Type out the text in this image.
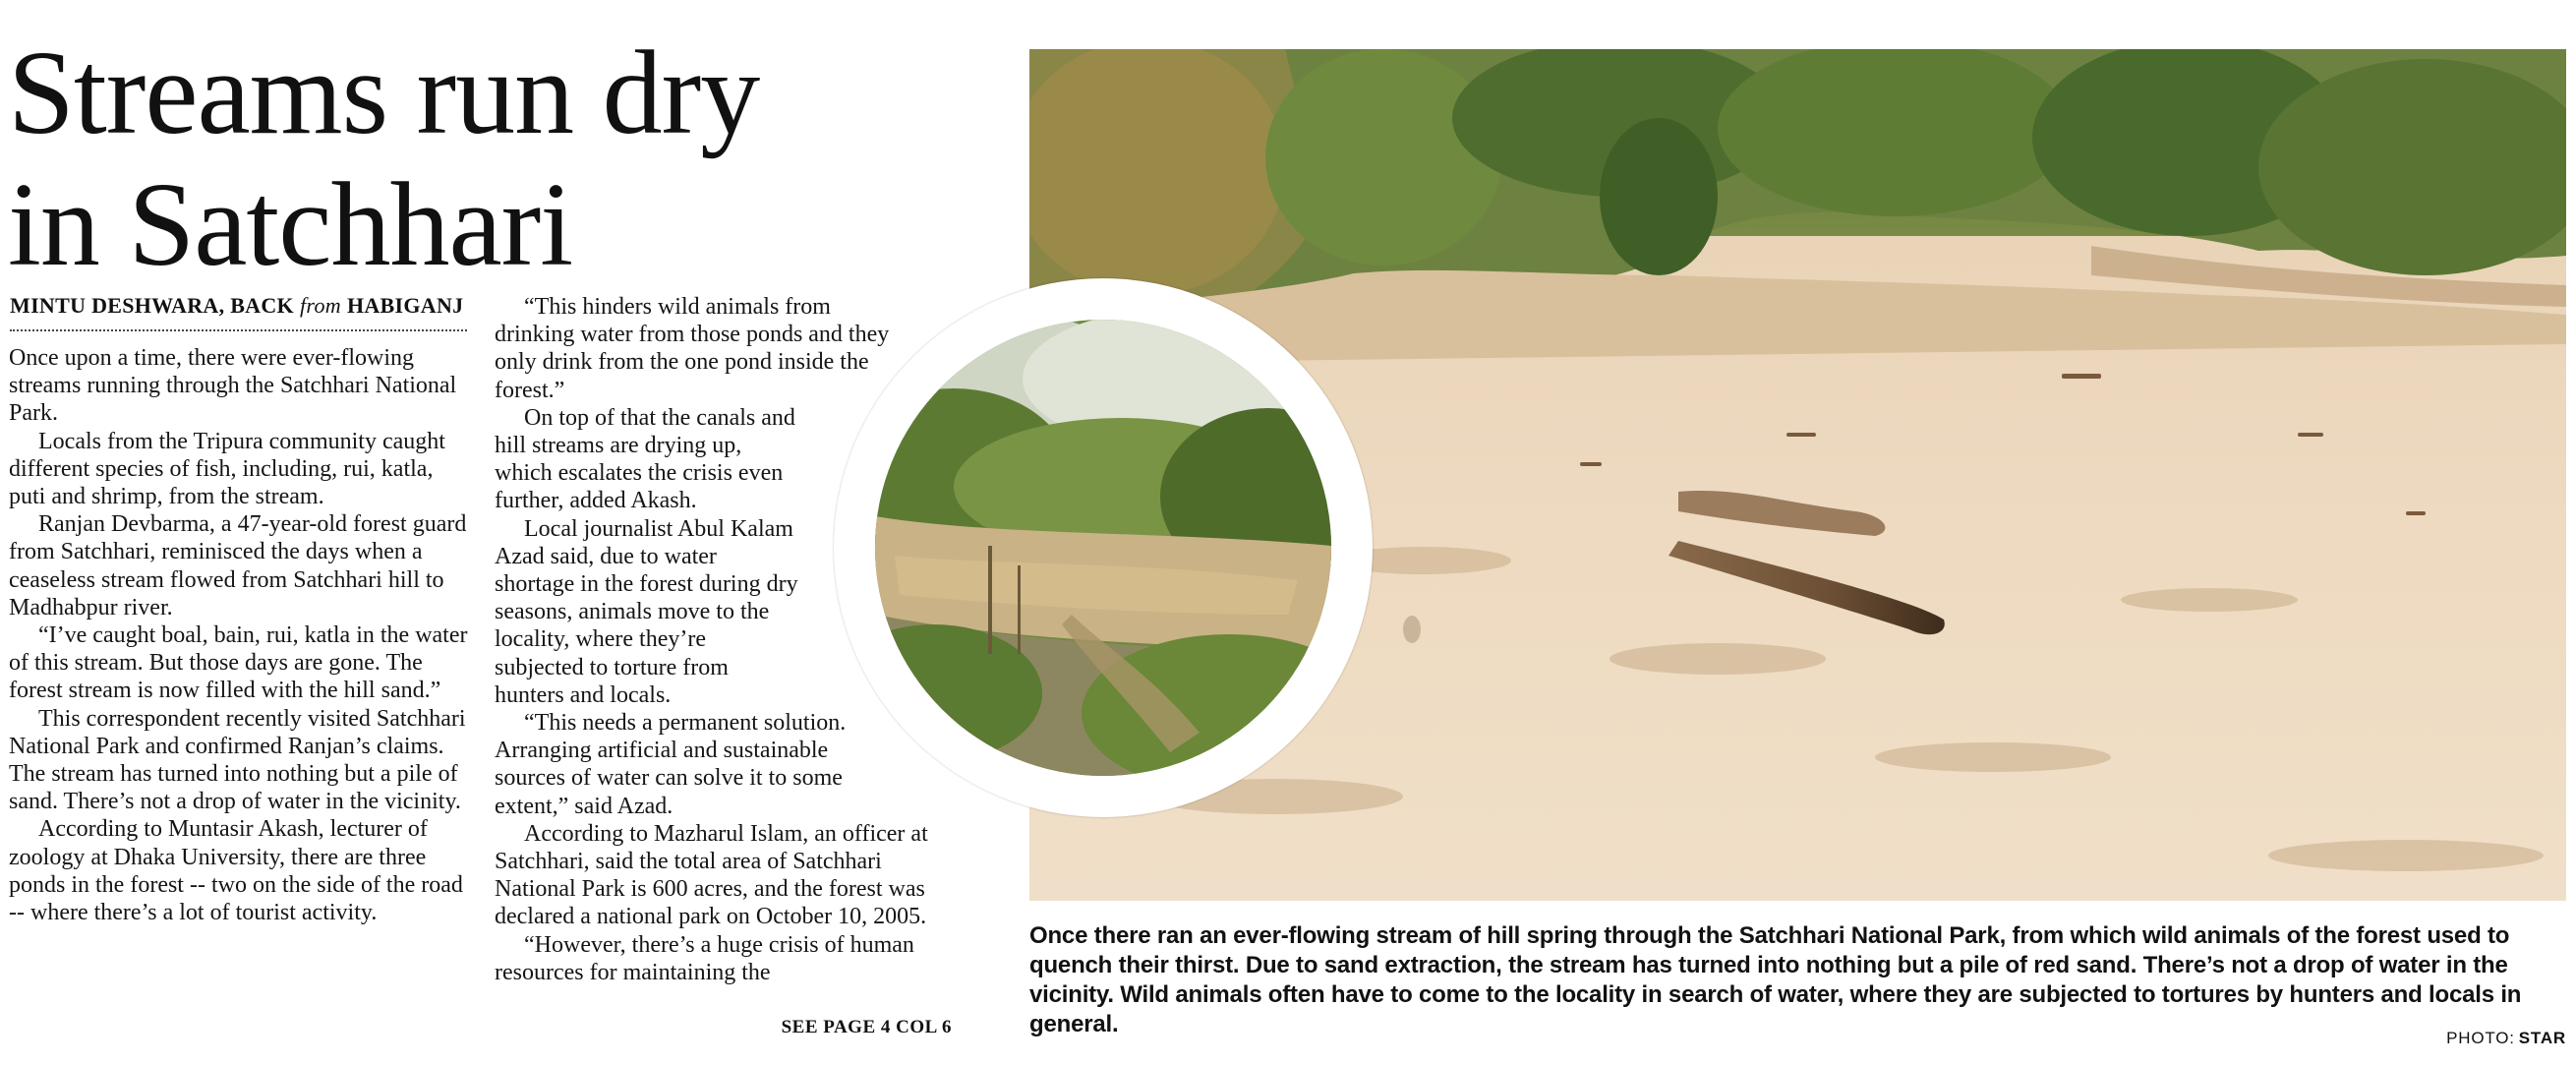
Streams run dry
in Satchhari
MINTU DESHWARA, BACK from HABIGANJ

Once upon a time, there were ever-flowing streams running through the Satchhari National Park.

Locals from the Tripura community caught different species of fish, including, rui, katla, puti and shrimp, from the stream.

Ranjan Devbarma, a 47-year-old forest guard from Satchhari, reminisced the days when a ceaseless stream flowed from Satchhari hill to Madhabpur river.

“I’ve caught boal, bain, rui, katla in the water of this stream. But those days are gone. The forest stream is now filled with the hill sand.”

This correspondent recently visited Satchhari National Park and confirmed Ranjan’s claims. The stream has turned into nothing but a pile of sand. There’s not a drop of water in the vicinity.

According to Muntasir Akash, lecturer of zoology at Dhaka University, there are three ponds in the forest -- two on the side of the road -- where there’s a lot of tourist activity.

“This hinders wild animals from drinking water from those ponds and they only drink from the one pond inside the forest.”

On top of that the canals and hill streams are drying up, which escalates the crisis even further, added Akash.

Local journalist Abul Kalam Azad said, due to water shortage in the forest during dry seasons, animals move to the locality, where they’re subjected to torture from hunters and locals.

“This needs a permanent solution. Arranging artificial and sustainable sources of water can solve it to some extent,” said Azad.

According to Mazharul Islam, an officer at Satchhari, said the total area of Satchhari National Park is 600 acres, and the forest was declared a national park on October 10, 2005.

“However, there’s a huge crisis of human resources for maintaining the

SEE PAGE 4 COL 6
Once there ran an ever-flowing stream of hill spring through the Satchhari National Park, from which wild animals of the forest used to quench their thirst. Due to sand extraction, the stream has turned into nothing but a pile of red sand. There’s not a drop of water in the vicinity. Wild animals often have to come to the locality in search of water, where they are subjected to tortures by hunters and locals in general.
PHOTO: STAR
